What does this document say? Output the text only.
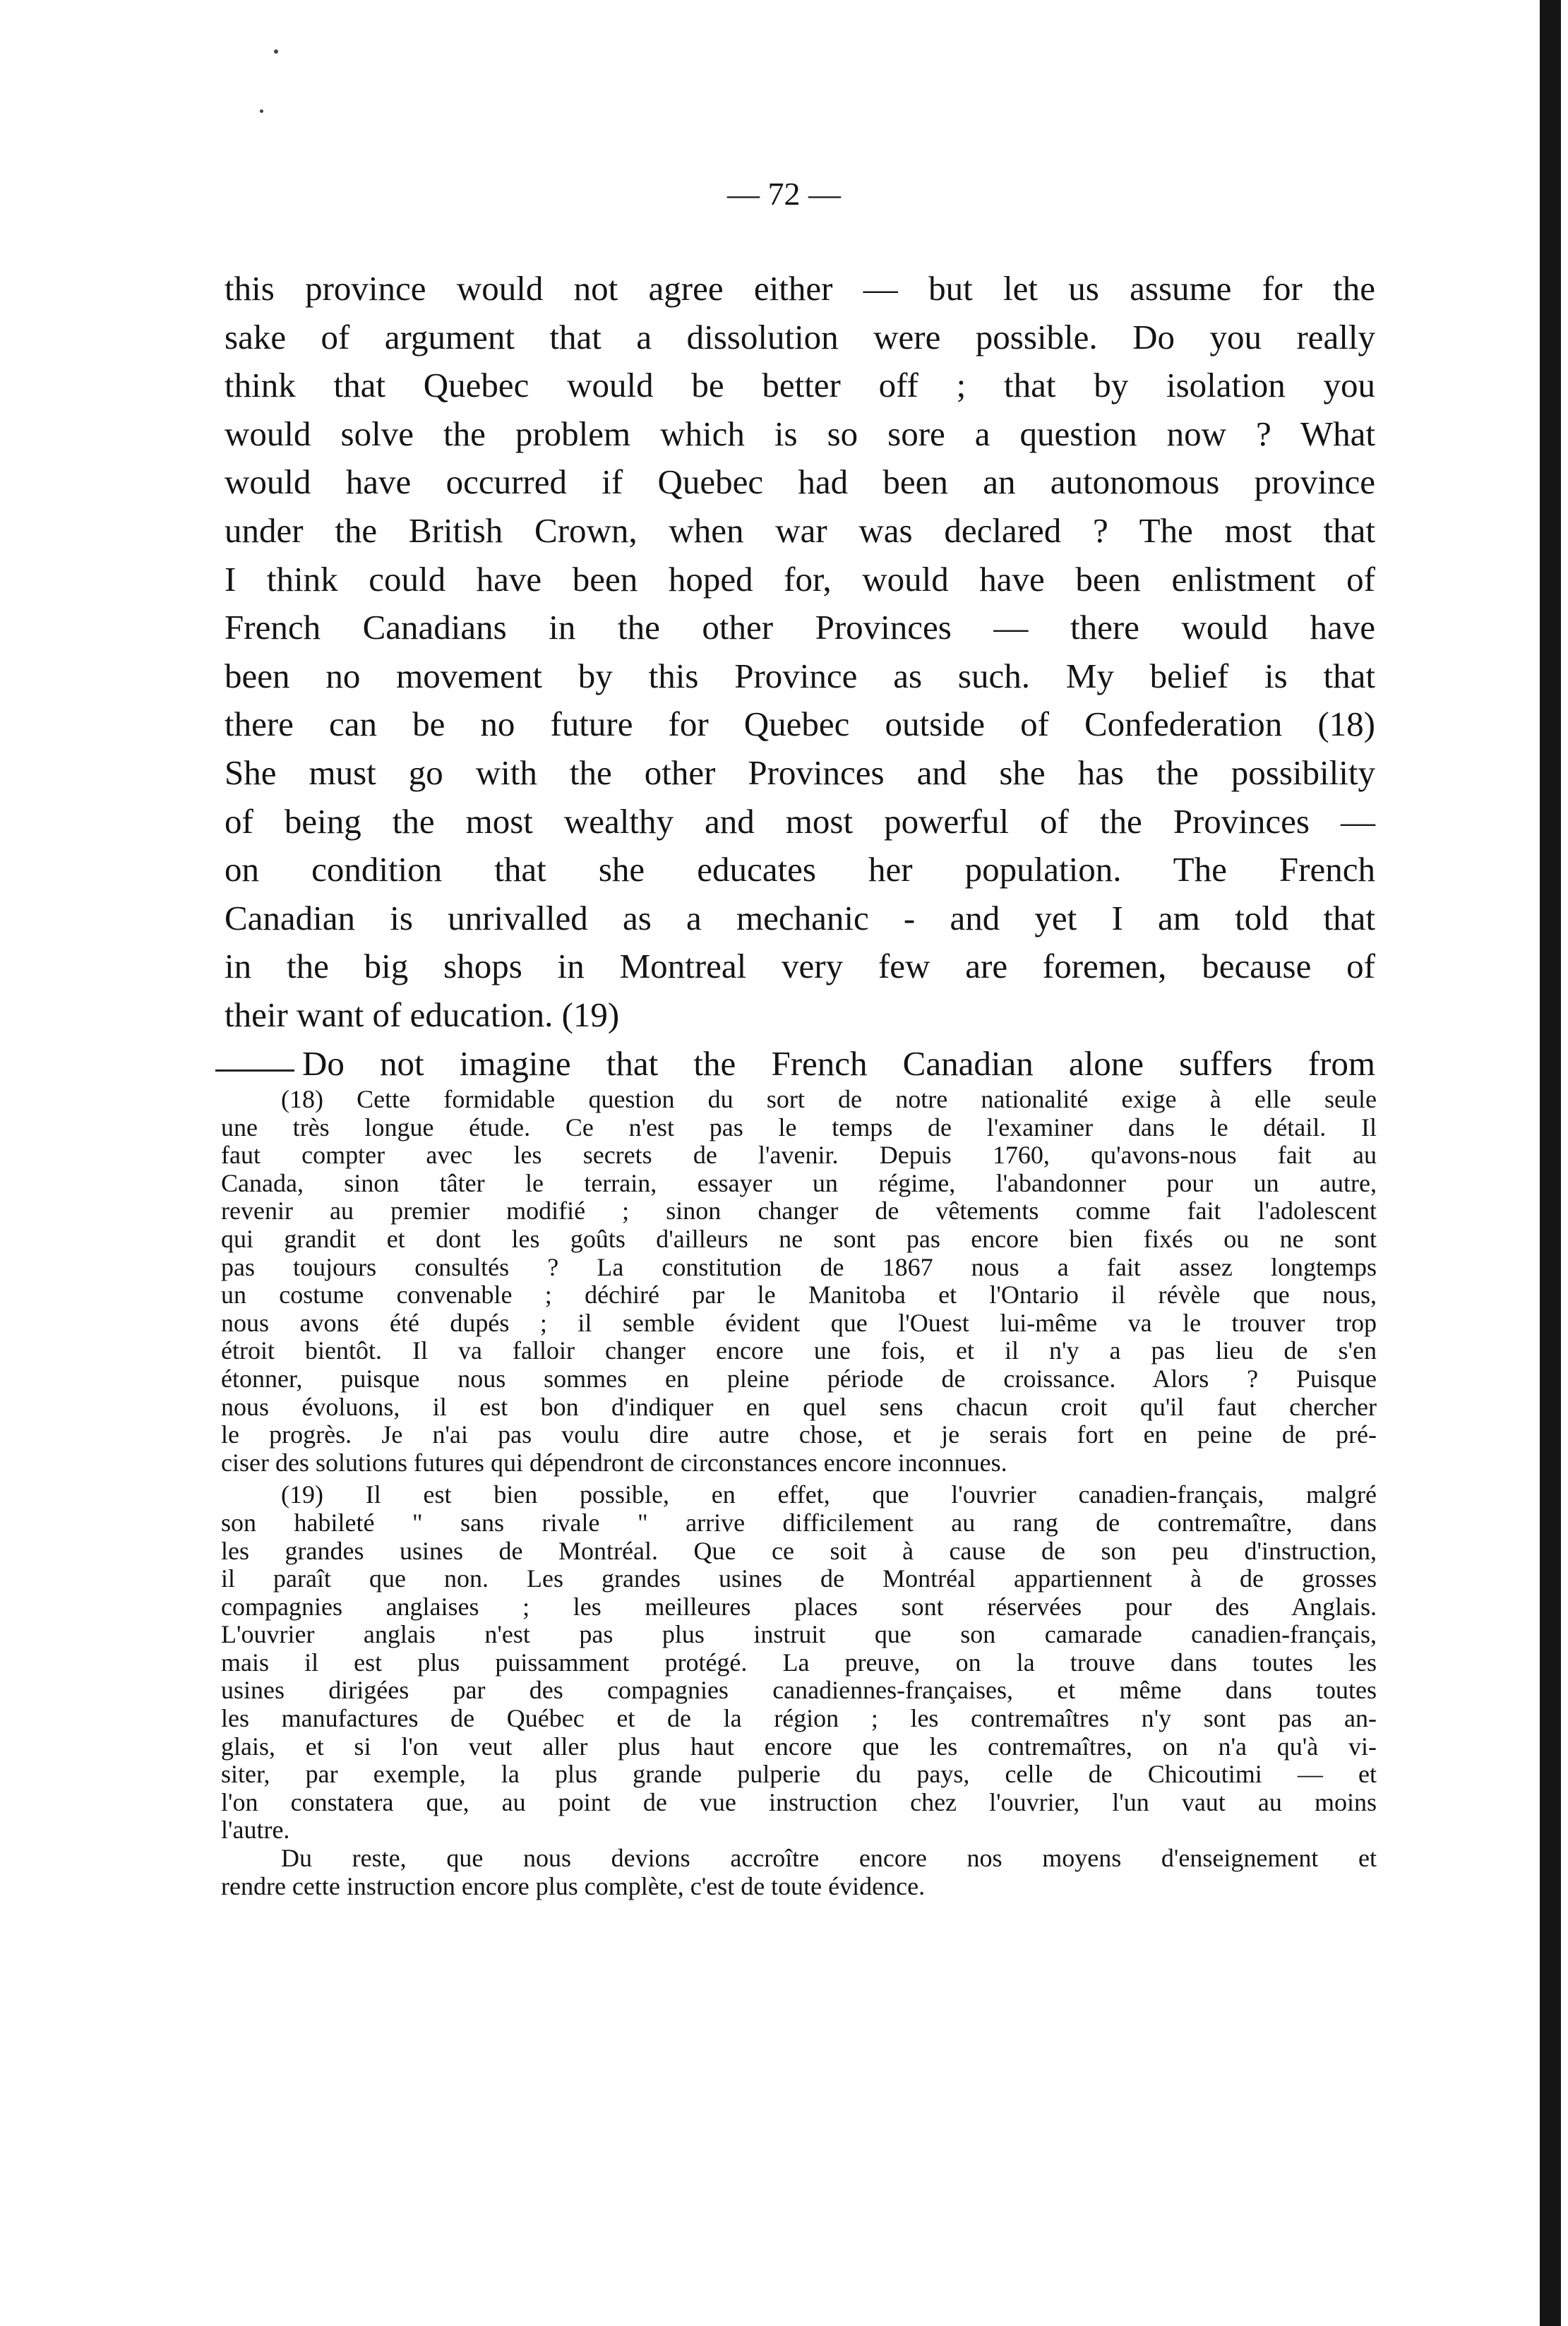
— 72 —
this province would not agree either — but let us assume for the
sake of argument that a dissolution were possible. Do you really
think that Quebec would be better off ; that by isolation you
would solve the problem which is so sore a question now ? What
would have occurred if Quebec had been an autonomous province
under the British Crown, when war was declared ? The most that
I think could have been hoped for, would have been enlistment of
French Canadians in the other Provinces — there would have
been no movement by this Province as such. My belief is that
there can be no future for Quebec outside of Confederation (18)
She must go with the other Provinces and she has the possibility
of being the most wealthy and most powerful of the Provinces —
on condition that she educates her population. The French
Canadian is unrivalled as a mechanic - and yet I am told that
in the big shops in Montreal very few are foremen, because of
their want of education. (19)
Do not imagine that the French Canadian alone suffers from
(18) Cette formidable question du sort de notre nationalité exige à elle seule
une très longue étude. Ce n'est pas le temps de l'examiner dans le détail. Il
faut compter avec les secrets de l'avenir. Depuis 1760, qu'avons-nous fait au
Canada, sinon tâter le terrain, essayer un régime, l'abandonner pour un autre,
revenir au premier modifié ; sinon changer de vêtements comme fait l'adolescent
qui grandit et dont les goûts d'ailleurs ne sont pas encore bien fixés ou ne sont
pas toujours consultés ? La constitution de 1867 nous a fait assez longtemps
un costume convenable ; déchiré par le Manitoba et l'Ontario il révèle que nous,
nous avons été dupés ; il semble évident que l'Ouest lui-même va le trouver trop
étroit bientôt. Il va falloir changer encore une fois, et il n'y a pas lieu de s'en
étonner, puisque nous sommes en pleine période de croissance. Alors ? Puisque
nous évoluons, il est bon d'indiquer en quel sens chacun croit qu'il faut chercher
le progrès. Je n'ai pas voulu dire autre chose, et je serais fort en peine de pré-
ciser des solutions futures qui dépendront de circonstances encore inconnues.
(19) Il est bien possible, en effet, que l'ouvrier canadien-français, malgré
son habileté " sans rivale " arrive difficilement au rang de contremaître, dans
les grandes usines de Montréal. Que ce soit à cause de son peu d'instruction,
il paraît que non. Les grandes usines de Montréal appartiennent à de grosses
compagnies anglaises ; les meilleures places sont réservées pour des Anglais.
L'ouvrier anglais n'est pas plus instruit que son camarade canadien-français,
mais il est plus puissamment protégé. La preuve, on la trouve dans toutes les
usines dirigées par des compagnies canadiennes-françaises, et même dans toutes
les manufactures de Québec et de la région ; les contremaîtres n'y sont pas an-
glais, et si l'on veut aller plus haut encore que les contremaîtres, on n'a qu'à vi-
siter, par exemple, la plus grande pulperie du pays, celle de Chicoutimi — et
l'on constatera que, au point de vue instruction chez l'ouvrier, l'un vaut au moins
l'autre.
Du reste, que nous devions accroître encore nos moyens d'enseignement et
rendre cette instruction encore plus complète, c'est de toute évidence.
